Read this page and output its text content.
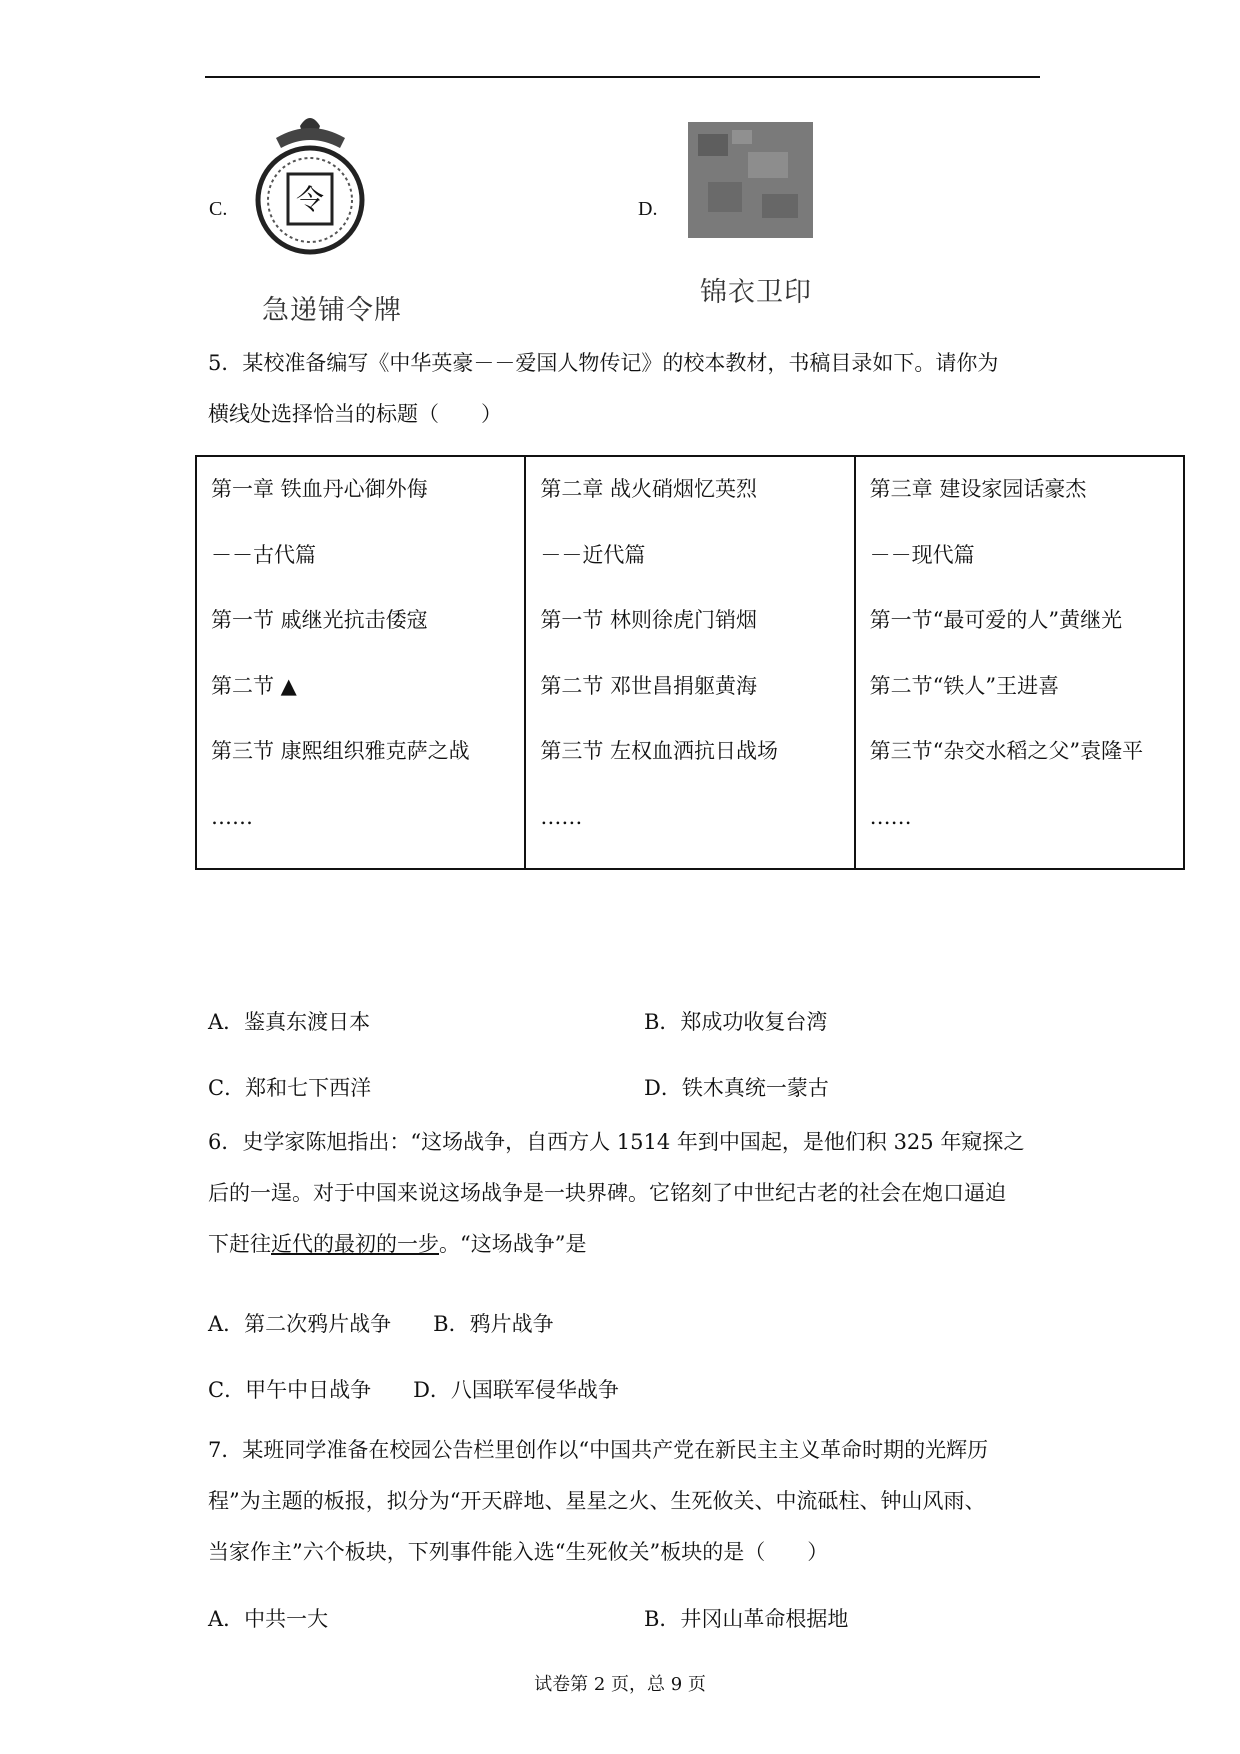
C. 令
急递铺令牌
D.
锦衣卫印
5．某校准备编写《中华英豪－－爱国人物传记》的校本教材，书稿目录如下。请你为
横线处选择恰当的标题（　　）
第一章 铁血丹心御外侮
－－古代篇
第一节 戚继光抗击倭寇
第二节 ▲
第三节 康熙组织雅克萨之战
……

第二章 战火硝烟忆英烈
－－近代篇
第一节 林则徐虎门销烟
第二节 邓世昌捐躯黄海
第三节 左权血洒抗日战场
……

第三章 建设家园话豪杰
－－现代篇
第一节“最可爱的人”黄继光
第二节“铁人”王进喜
第三节“杂交水稻之父”袁隆平
……
A．鉴真东渡日本	B．郑成功收复台湾
C．郑和七下西洋	D．铁木真统一蒙古
6．史学家陈旭指出：“这场战争，自西方人 1514 年到中国起，是他们积 325 年窥探之
后的一逞。对于中国来说这场战争是一块界碑。它铭刻了中世纪古老的社会在炮口逼迫
下赶往近代的最初的一步。“这场战争”是
A．第二次鸦片战争　　B．鸦片战争
C．甲午中日战争　　D．八国联军侵华战争
7．某班同学准备在校园公告栏里创作以“中国共产党在新民主主义革命时期的光辉历
程”为主题的板报，拟分为“开天辟地、星星之火、生死攸关、中流砥柱、钟山风雨、
当家作主”六个板块，下列事件能入选“生死攸关”板块的是（　　）
A．中共一大	B．井冈山革命根据地
试卷第 2 页，总 9 页
